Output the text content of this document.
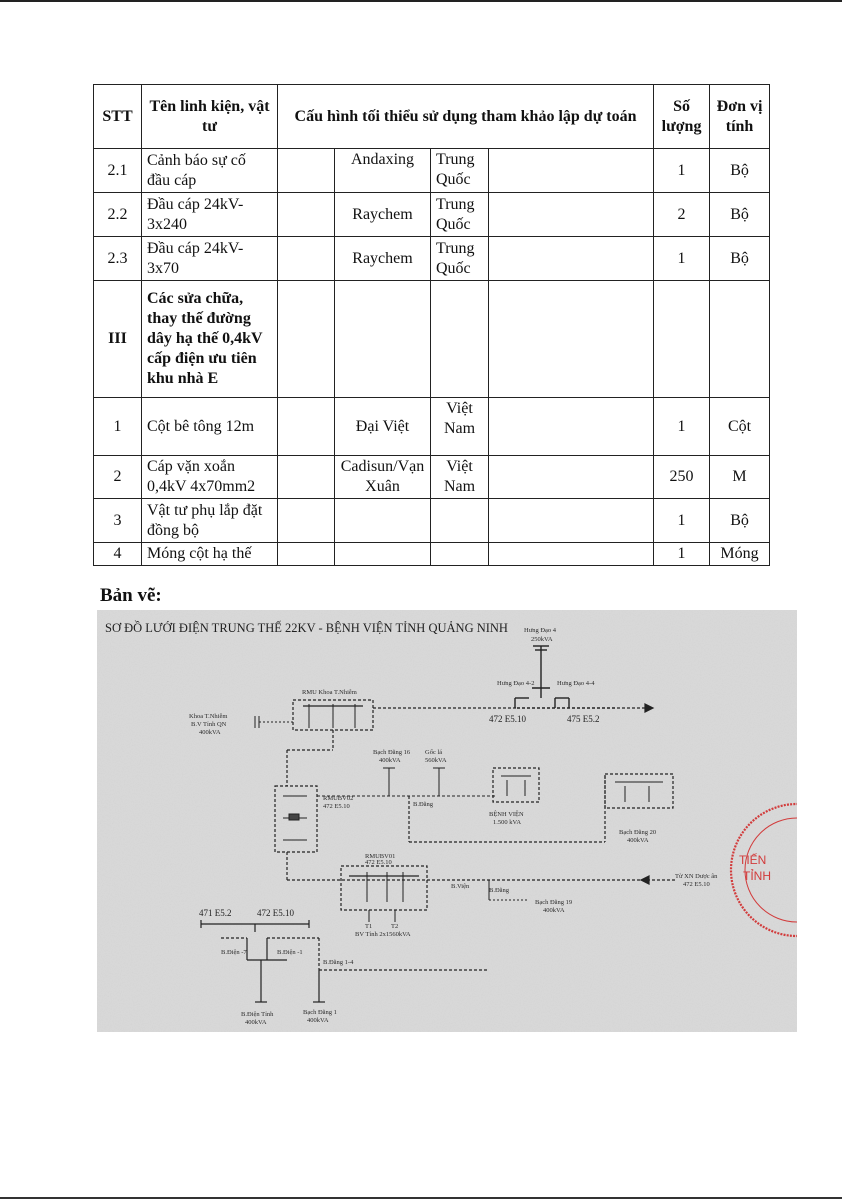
STT	Tên linh kiện, vật tư	Cấu hình tối thiểu sử dụng tham khảo lập dự toán				Số lượng	Đơn vị tính
2.1	Cảnh báo sự cố đầu cáp		Andaxing	Trung Quốc		1	Bộ
2.2	Đầu cáp 24kV-3x240		Raychem	Trung Quốc		2	Bộ
2.3	Đầu cáp 24kV-3x70		Raychem	Trung Quốc		1	Bộ
III	Các sửa chữa, thay thế đường dây hạ thế 0,4kV cấp điện ưu tiên khu nhà E						
1	Cột bê tông 12m		Đại Việt	Việt Nam		1	Cột
2	Cáp vặn xoắn 0,4kV 4x70mm2		Cadisun/Vạn Xuân	Việt Nam		250	M
3	Vật tư phụ lắp đặt đồng bộ					1	Bộ
4	Móng cột hạ thế					1	Móng
Bản vẽ:
SƠ ĐỒ LƯỚI ĐIỆN TRUNG THẾ 22KV - BỆNH VIỆN TỈNH QUẢNG NINH Hưng Đạo 4
250kVA
Hưng Đạo 4-2	Hưng Đạo 4-4
472 E5.10	475 E5.2
RMU Khoa T.Nhiễm
Khoa T.Nhiễm
B.V Tỉnh QN
400kVA
RMUBV02
472 E5.10
Bạch Đằng 16
400kVA
Gốc lá
560kVA
B.Đằng
BỆNH VIỆN
1.500 kVA
Bạch Đằng 20
400kVA
RMUBV01
472 E5.10
T1	T2
BV Tỉnh 2x1560kVA
B.Viện
B.Đằng
Bạch Đằng 19
400kVA
Từ XN Dược ân
472 E5.10
471 E5.2	472 E5.10
B.Điện -7	B.Điện -1
B.Đằng 1-4
B.Điện Tỉnh
400kVA
Bạch Đằng 1
400kVA
TIẾN
TỈNH
